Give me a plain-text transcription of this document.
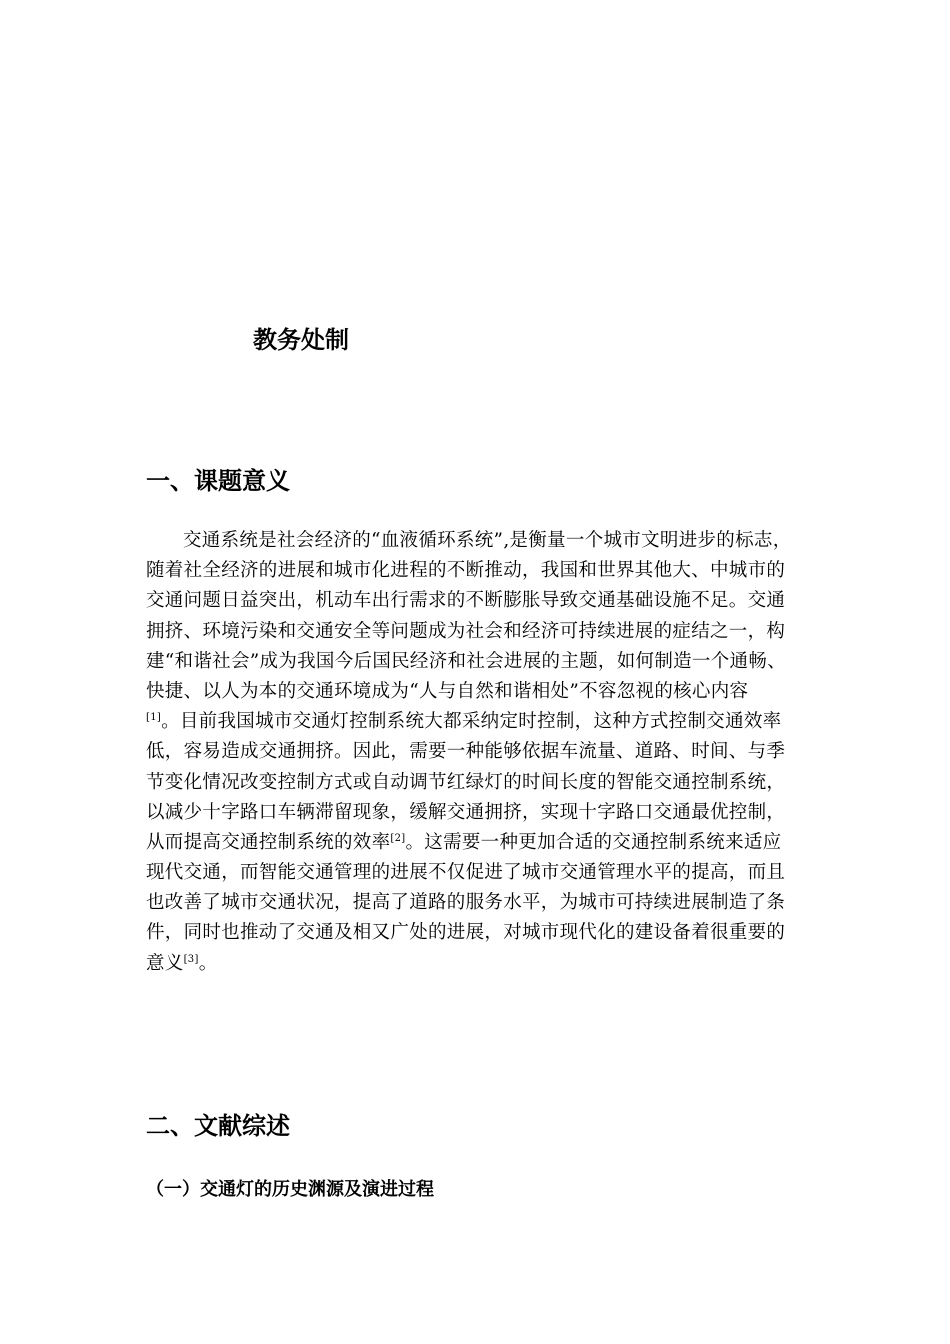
教务处制
一、课题意义
交通系统是社会经济的“血液循环系统”,是衡量一个城市文明进步的标志，
随着社全经济的进展和城市化进程的不断推动，我国和世界其他大、中城市的
交通问题日益突出，机动车出行需求的不断膨胀导致交通基础设施不足。交通
拥挤、环境污染和交通安全等问题成为社会和经济可持续进展的症结之一，构
建“和谐社会”成为我国今后国民经济和社会进展的主题，如何制造一个通畅、
快捷、以人为本的交通环境成为“人与自然和谐相处”不容忽视的核心内容
[1]。目前我国城市交通灯控制系统大都采纳定时控制，这种方式控制交通效率
低，容易造成交通拥挤。因此，需要一种能够依据车流量、道路、时间、与季
节变化情况改变控制方式或自动调节红绿灯的时间长度的智能交通控制系统，
以减少十字路口车辆滞留现象，缓解交通拥挤，实现十字路口交通最优控制，
从而提高交通控制系统的效率[2]。这需要一种更加合适的交通控制系统来适应
现代交通，而智能交通管理的进展不仅促进了城市交通管理水平的提高，而且
也改善了城市交通状况，提高了道路的服务水平，为城市可持续进展制造了条
件，同时也推动了交通及相又广处的进展，对城市现代化的建设备着很重要的
意义[3]。
二、文献综述
（一）交通灯的历史渊源及演进过程
